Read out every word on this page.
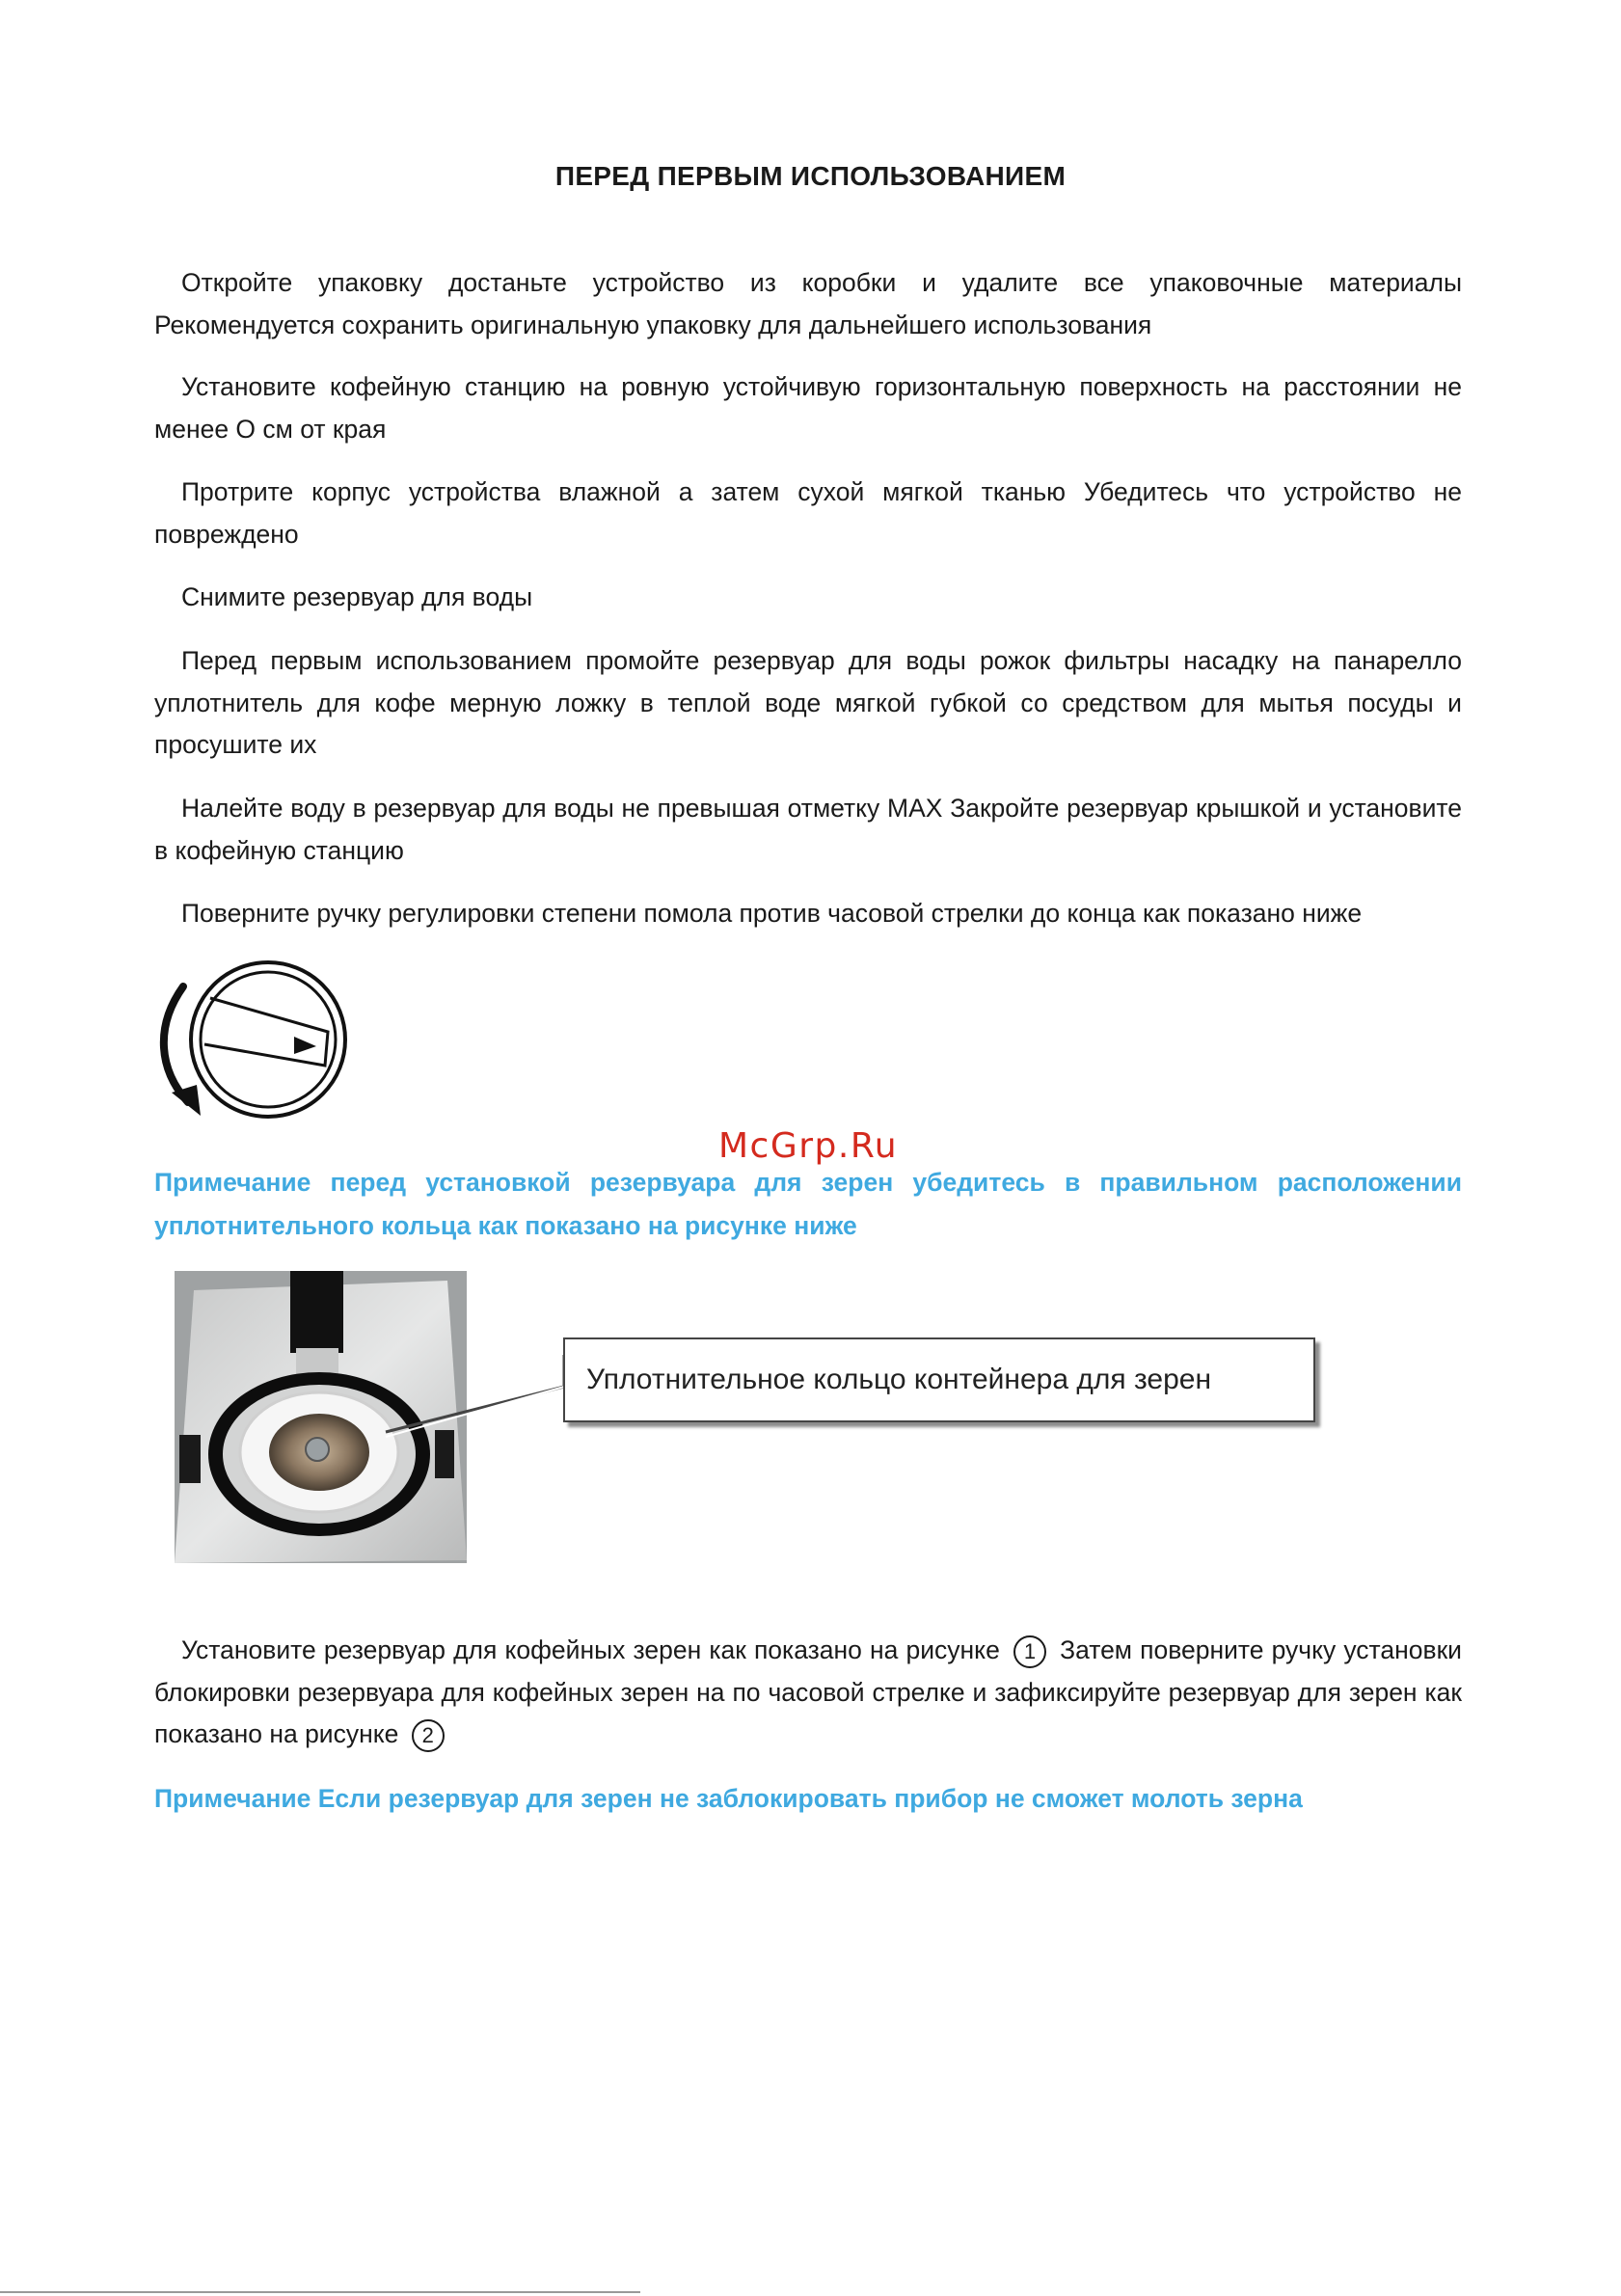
ПЕРЕД ПЕРВЫМ ИСПОЛЬЗОВАНИЕМ

Откройте упаковку достаньте устройство из коробки и удалите все упаковочные материалы Рекомендуется сохранить оригинальную упаковку для дальнейшего использования

Установите кофейную станцию на ровную устойчивую горизонтальную поверхность на расстоянии не менее О см от края

Протрите корпус устройства влажной а затем сухой мягкой тканью Убедитесь что устройство не повреждено

Снимите резервуар для воды

Перед первым использованием промойте резервуар для воды рожок фильтры насадку на панарелло уплотнитель для кофе мерную ложку в теплой воде мягкой губкой со средством для мытья посуды и просушите их

Налейте воду в резервуар для воды не превышая отметку MAX Закройте резервуар крышкой и установите в кофейную станцию

Поверните ручку регулировки степени помола против часовой стрелки до конца как показано ниже

McGrp.Ru

Примечание перед установкой резервуара для зерен убедитесь в правильном расположении уплотнительного кольца как показано на рисунке ниже

Уплотнительное кольцо контейнера для зерен

Установите резервуар для кофейных зерен как показано на рисунке 1 Затем поверните ручку установки блокировки резервуара для кофейных зерен на по часовой стрелке и зафиксируйте резервуар для зерен как показано на рисунке 2

Примечание Если резервуар для зерен не заблокировать прибор не сможет молоть зерна
